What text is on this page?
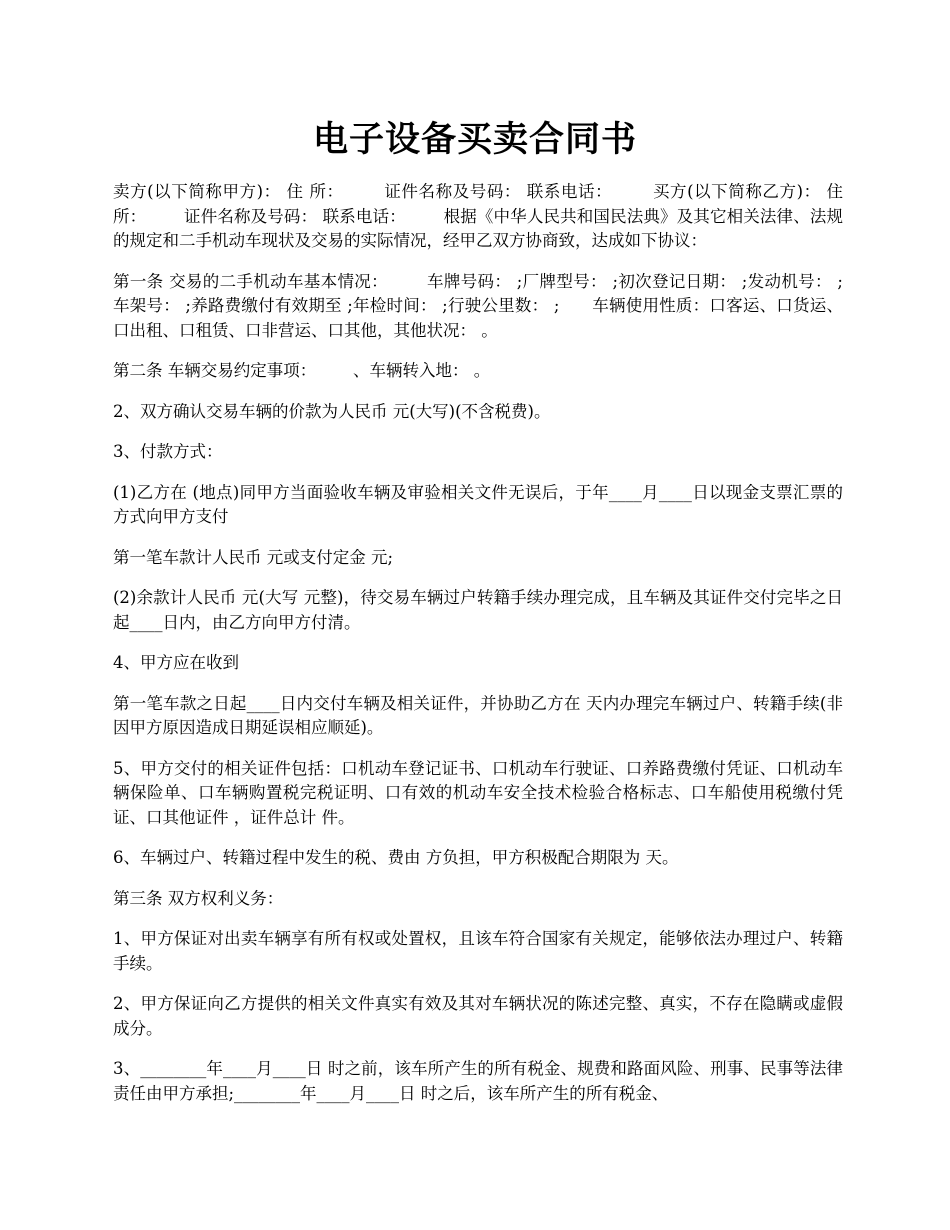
电子设备买卖合同书

卖方(以下简称甲方)： 住 所：       证件名称及号码： 联系电话：       买方(以下简称乙方)： 住 所：       证件名称及号码： 联系电话：       根据《中华人民共和国民法典》及其它相关法律、法规的规定和二手机动车现状及交易的实际情况，经甲乙双方协商致，达成如下协议：

第一条 交易的二手机动车基本情况：       车牌号码： ;厂牌型号： ;初次登记日期： ;发动机号： ;      车架号： ;养路费缴付有效期至 ;年检时间： ;行驶公里数： ;      车辆使用性质：口客运、口货运、口出租、口租赁、口非营运、口其他，其他状况： 。

第二条 车辆交易约定事项：       、车辆转入地： 。

2、双方确认交易车辆的价款为人民币 元(大写)(不含税费)。

3、付款方式：

(1)乙方在 (地点)同甲方当面验收车辆及审验相关文件无误后，于年____月____日以现金支票汇票的方式向甲方支付

第一笔车款计人民币 元或支付定金 元;

(2)余款计人民币 元(大写 元整)，待交易车辆过户转籍手续办理完成，且车辆及其证件交付完毕之日起____日内，由乙方向甲方付清。

4、甲方应在收到

第一笔车款之日起____日内交付车辆及相关证件，并协助乙方在 天内办理完车辆过户、转籍手续(非因甲方原因造成日期延误相应顺延)。

5、甲方交付的相关证件包括：口机动车登记证书、口机动车行驶证、口养路费缴付凭证、口机动车辆保险单、口车辆购置税完税证明、口有效的机动车安全技术检验合格标志、口车船使用税缴付凭证、口其他证件 ，证件总计 件。

6、车辆过户、转籍过程中发生的税、费由 方负担，甲方积极配合期限为 天。

第三条 双方权利义务：

1、甲方保证对出卖车辆享有所有权或处置权，且该车符合国家有关规定，能够依法办理过户、转籍手续。

2、甲方保证向乙方提供的相关文件真实有效及其对车辆状况的陈述完整、真实，不存在隐瞒或虚假成分。

3、________年____月____日 时之前，该车所产生的所有税金、规费和路面风险、刑事、民事等法律责任由甲方承担;________年____月____日 时之后，该车所产生的所有税金、
